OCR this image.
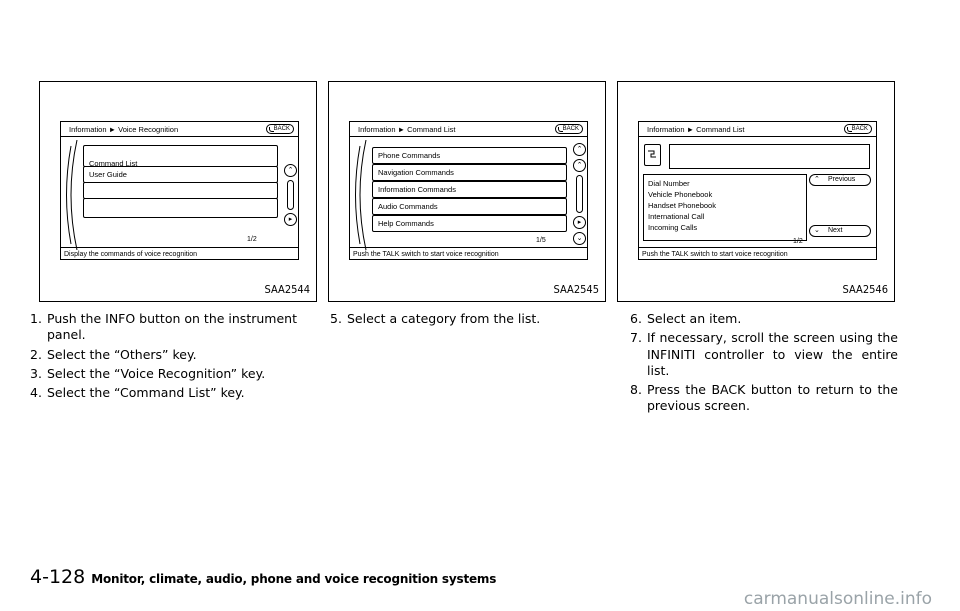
Information ► Voice Recognition	BACK
Command List
User Guide	⌃
▸
1/2
Display the commands of voice recognition
SAA2544
Information ► Command List	BACK
Phone Commands
Navigation Commands
Information Commands
Audio Commands
Help Commands
⌃
⌃
▸
⌄
1/5
Push the TALK switch to start voice recognition
SAA2545
Information ► Command List	BACK
Dial Number
Vehicle Phonebook
Handset Phonebook
International Call
Incoming Calls
⌃ Previous
⌄ Next
1/2
Push the TALK switch to start voice recognition
SAA2546
1. Push the INFO button on the instrument panel.
2. Select the “Others” key.
3. Select the “Voice Recognition” key.
4. Select the “Command List” key.
5. Select a category from the list.	6. Select an item.
7. If necessary, scroll the screen using the INFINITI controller to view the entire list.
8. Press the BACK button to return to the previous screen.
4-128 Monitor, climate, audio, phone and voice recognition systems
carmanualsonline.info
